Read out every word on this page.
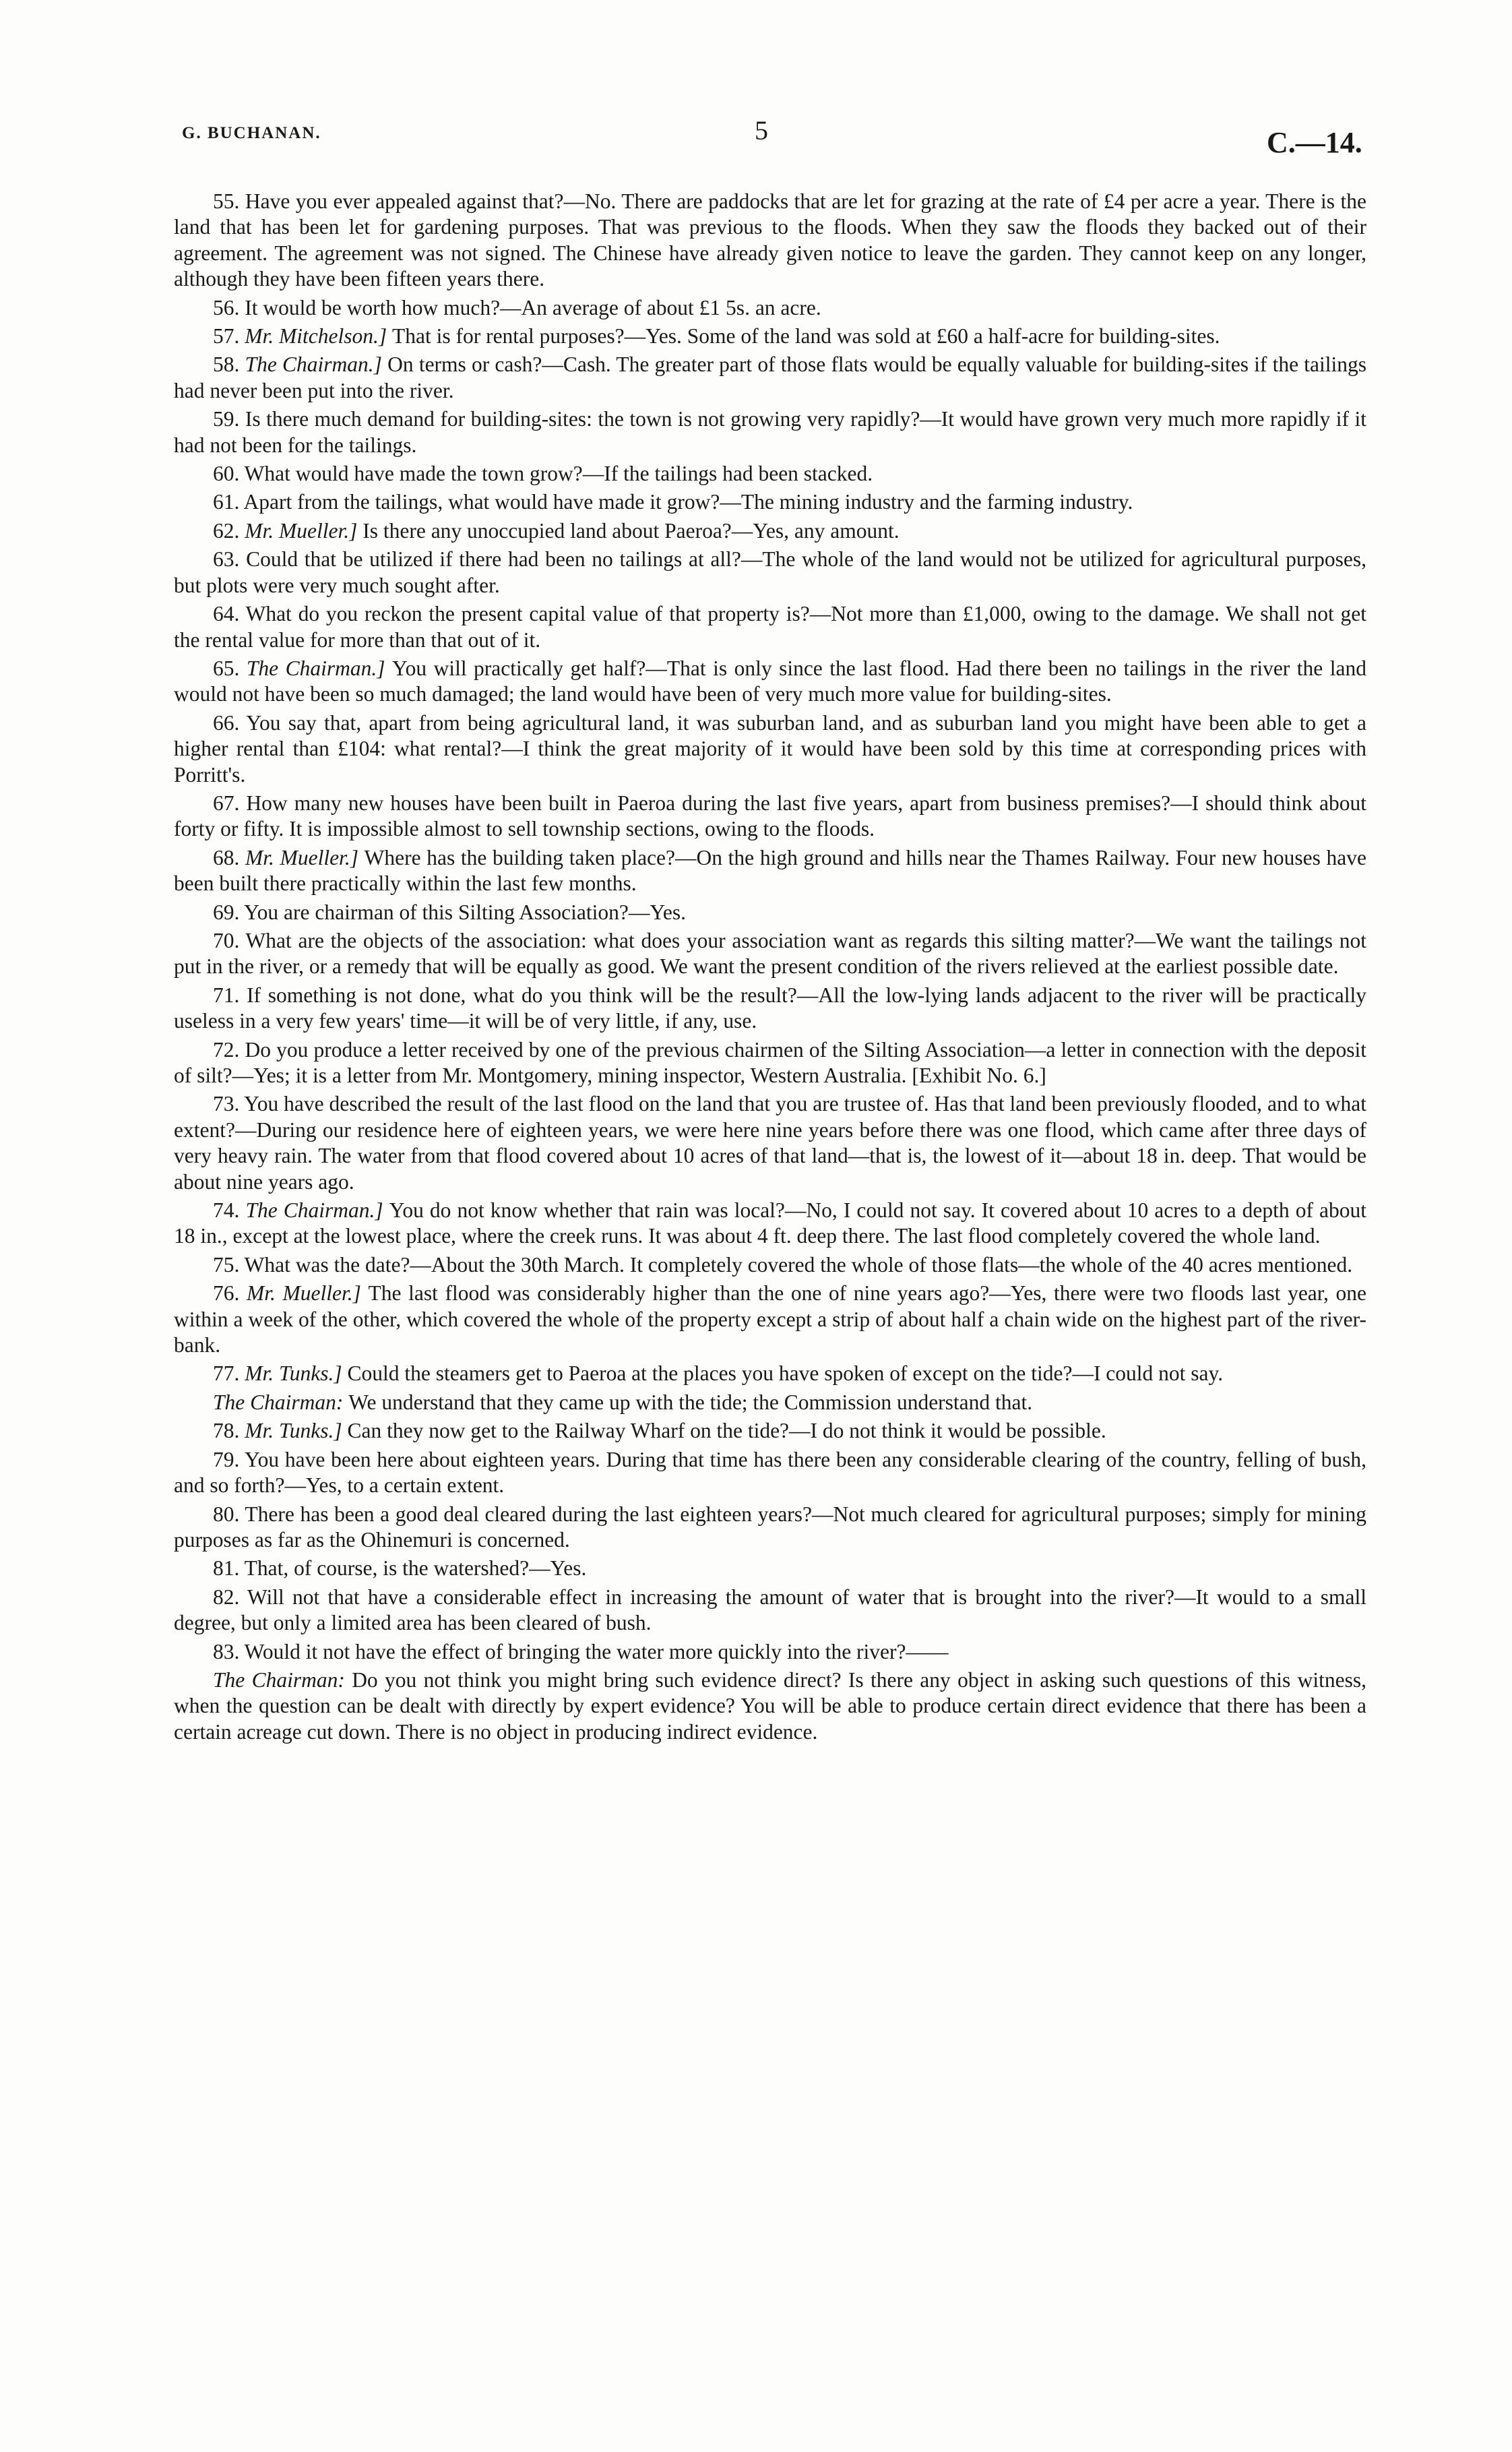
G. BUCHANAN.	5	C.—14.

55. Have you ever appealed against that?—No. There are paddocks that are let for grazing at the rate of £4 per acre a year. There is the land that has been let for gardening purposes. That was previous to the floods. When they saw the floods they backed out of their agreement. The agreement was not signed. The Chinese have already given notice to leave the garden. They cannot keep on any longer, although they have been fifteen years there.

56. It would be worth how much?—An average of about £1 5s. an acre.

57. Mr. Mitchelson.] That is for rental purposes?—Yes. Some of the land was sold at £60 a half-acre for building-sites.

58. The Chairman.] On terms or cash?—Cash. The greater part of those flats would be equally valuable for building-sites if the tailings had never been put into the river.

59. Is there much demand for building-sites: the town is not growing very rapidly?—It would have grown very much more rapidly if it had not been for the tailings.

60. What would have made the town grow?—If the tailings had been stacked.

61. Apart from the tailings, what would have made it grow?—The mining industry and the farming industry.

62. Mr. Mueller.] Is there any unoccupied land about Paeroa?—Yes, any amount.

63. Could that be utilized if there had been no tailings at all?—The whole of the land would not be utilized for agricultural purposes, but plots were very much sought after.

64. What do you reckon the present capital value of that property is?—Not more than £1,000, owing to the damage. We shall not get the rental value for more than that out of it.

65. The Chairman.] You will practically get half?—That is only since the last flood. Had there been no tailings in the river the land would not have been so much damaged; the land would have been of very much more value for building-sites.

66. You say that, apart from being agricultural land, it was suburban land, and as suburban land you might have been able to get a higher rental than £104: what rental?—I think the great majority of it would have been sold by this time at corresponding prices with Porritt's.

67. How many new houses have been built in Paeroa during the last five years, apart from business premises?—I should think about forty or fifty. It is impossible almost to sell township sections, owing to the floods.

68. Mr. Mueller.] Where has the building taken place?—On the high ground and hills near the Thames Railway. Four new houses have been built there practically within the last few months.

69. You are chairman of this Silting Association?—Yes.

70. What are the objects of the association: what does your association want as regards this silting matter?—We want the tailings not put in the river, or a remedy that will be equally as good. We want the present condition of the rivers relieved at the earliest possible date.

71. If something is not done, what do you think will be the result?—All the low-lying lands adjacent to the river will be practically useless in a very few years' time—it will be of very little, if any, use.

72. Do you produce a letter received by one of the previous chairmen of the Silting Association—a letter in connection with the deposit of silt?—Yes; it is a letter from Mr. Montgomery, mining inspector, Western Australia. [Exhibit No. 6.]

73. You have described the result of the last flood on the land that you are trustee of. Has that land been previously flooded, and to what extent?—During our residence here of eighteen years, we were here nine years before there was one flood, which came after three days of very heavy rain. The water from that flood covered about 10 acres of that land—that is, the lowest of it—about 18 in. deep. That would be about nine years ago.

74. The Chairman.] You do not know whether that rain was local?—No, I could not say. It covered about 10 acres to a depth of about 18 in., except at the lowest place, where the creek runs. It was about 4 ft. deep there. The last flood completely covered the whole land.

75. What was the date?—About the 30th March. It completely covered the whole of those flats—the whole of the 40 acres mentioned.

76. Mr. Mueller.] The last flood was considerably higher than the one of nine years ago?—Yes, there were two floods last year, one within a week of the other, which covered the whole of the property except a strip of about half a chain wide on the highest part of the river-bank.

77. Mr. Tunks.] Could the steamers get to Paeroa at the places you have spoken of except on the tide?—I could not say.

The Chairman: We understand that they came up with the tide; the Commission understand that.

78. Mr. Tunks.] Can they now get to the Railway Wharf on the tide?—I do not think it would be possible.

79. You have been here about eighteen years. During that time has there been any considerable clearing of the country, felling of bush, and so forth?—Yes, to a certain extent.

80. There has been a good deal cleared during the last eighteen years?—Not much cleared for agricultural purposes; simply for mining purposes as far as the Ohinemuri is concerned.

81. That, of course, is the watershed?—Yes.

82. Will not that have a considerable effect in increasing the amount of water that is brought into the river?—It would to a small degree, but only a limited area has been cleared of bush.

83. Would it not have the effect of bringing the water more quickly into the river?——

The Chairman: Do you not think you might bring such evidence direct? Is there any object in asking such questions of this witness, when the question can be dealt with directly by expert evidence? You will be able to produce certain direct evidence that there has been a certain acreage cut down. There is no object in producing indirect evidence.
